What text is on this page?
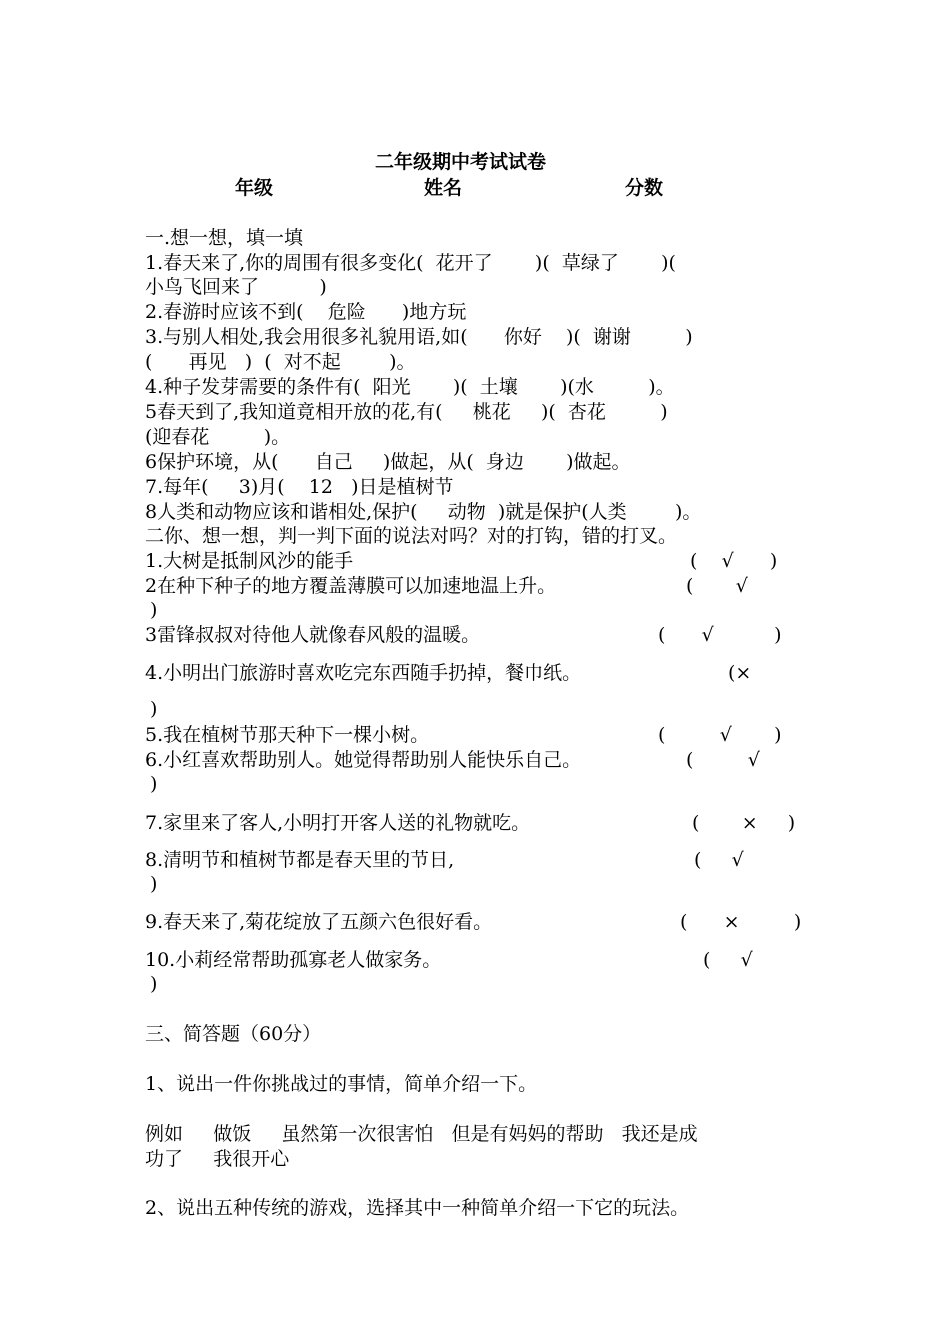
二年级期中考试试卷
年级	姓名	分数
一.想一想，填一填
1.春天来了,你的周围有很多变化(  花开了       )(  草绿了       )(
小鸟飞回来了          )
2.春游时应该不到(    危险      )地方玩
3.与别人相处,我会用很多礼貌用语,如(      你好    )(  谢谢         )
(      再见   )  (  对不起        )。
4.种子发芽需要的条件有(  阳光       )(  土壤       )(水         )。
5春天到了,我知道竟相开放的花,有(     桃花     )(  杏花         )
(迎春花         )。
6保护环境，从(      自己     )做起，从(  身边       )做起。
7.每年(     3)月(    12   )日是植树节
8人类和动物应该和谐相处,保护(     动物  )就是保护(人类        )。
二你、想一想，判一判下面的说法对吗？对的打钩，错的打叉。
1.大树是抵制风沙的能手	(    √      )
2在种下种子的地方覆盖薄膜可以加速地温上升。	(       √
)
3雷锋叔叔对待他人就像春风般的温暖。	(      √          )
4.小明出门旅游时喜欢吃完东西随手扔掉，餐巾纸。	(×
)
5.我在植树节那天种下一棵小树。	(         √       )
6.小红喜欢帮助别人。她觉得帮助别人能快乐自己。	(         √
)
7.家里来了客人,小明打开客人送的礼物就吃。	(       ×     )
8.清明节和植树节都是春天里的节日,	(     √
)
9.春天来了,菊花绽放了五颜六色很好看。	(      ×         )
10.小莉经常帮助孤寡老人做家务。	(     √
)
三、简答题（60分）
1、说出一件你挑战过的事情，简单介绍一下。
例如     做饭     虽然第一次很害怕   但是有妈妈的帮助   我还是成
功了     我很开心
2、说出五种传统的游戏，选择其中一种简单介绍一下它的玩法。
